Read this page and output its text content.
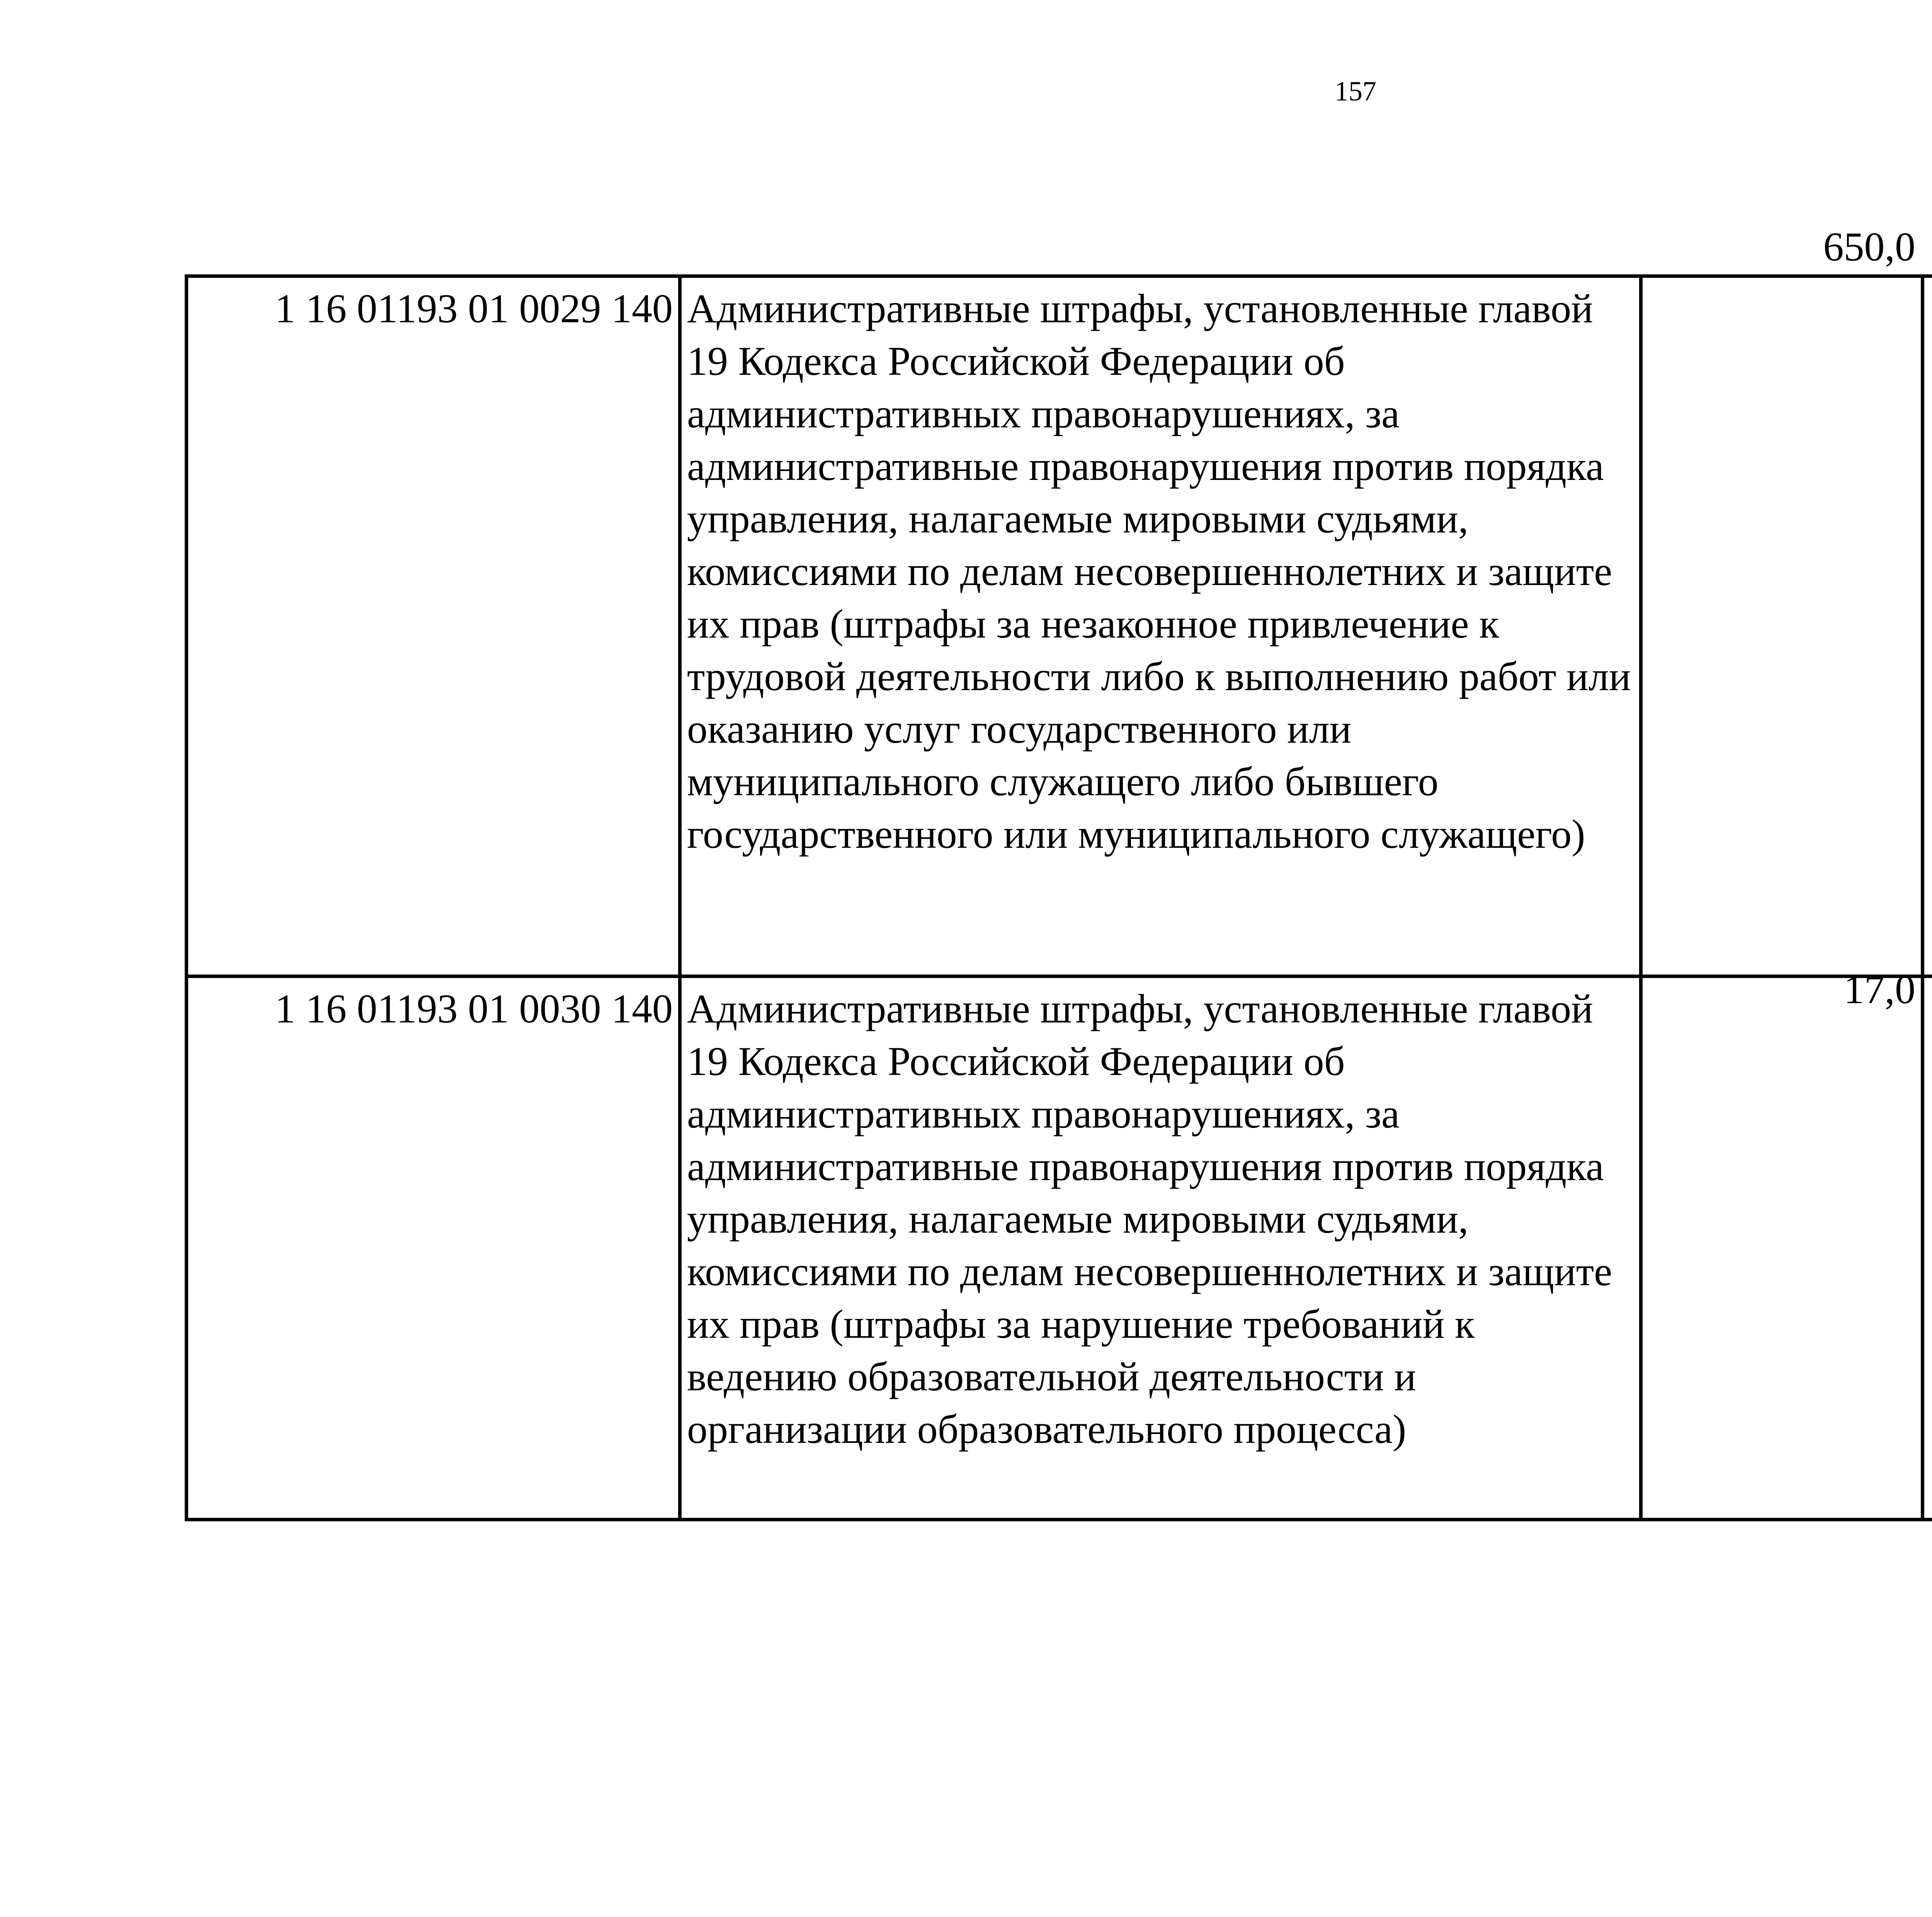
157
1 16 01193 01 0029 140	Административные штрафы, установленные главой 19 Кодекса Российской Федерации об административных правонарушениях, за административные правонарушения против порядка управления, налагаемые мировыми судьями, комиссиями по делам несовершеннолетних и защите их прав (штрафы за незаконное привлечение к трудовой деятельности либо к выполнению работ или оказанию услуг государственного или муниципального служащего либо бывшего государственного или муниципального служащего)	650,0		
1 16 01193 01 0030 140	Административные штрафы, установленные главой 19 Кодекса Российской Федерации об административных правонарушениях, за административные правонарушения против порядка управления, налагаемые мировыми судьями, комиссиями по делам несовершеннолетних и защите их прав (штрафы за нарушение требований к ведению образовательной деятельности и организации образовательного процесса)	17,0		
